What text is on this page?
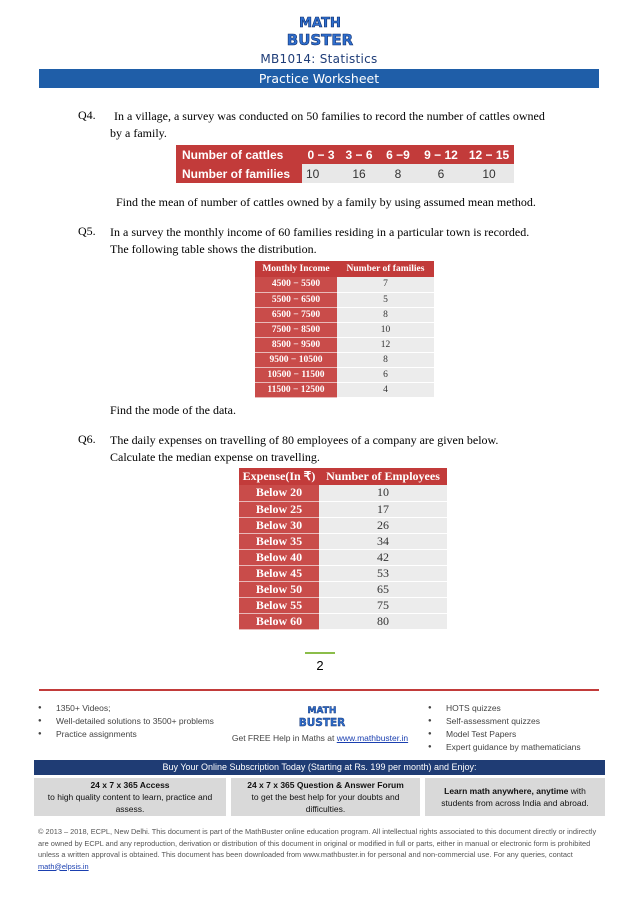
MATH
BUSTER
MB1014: Statistics
Practice Worksheet
Q4. In a village, a survey was conducted on 50 families to record the number of cattles owned
by a family.
Number of cattles	0 − 3	3 − 6	6 −9	9 − 12	12 − 15
Number of families	10	16	8	6	10
Find the mean of number of cattles owned by a family by using assumed mean method.
Q5. In a survey the monthly income of 60 families residing in a particular town is recorded.
The following table shows the distribution.
Monthly Income	Number of families
4500 − 5500	7
5500 − 6500	5
6500 − 7500	8
7500 − 8500	10
8500 − 9500	12
9500 − 10500	8
10500 − 11500	6
11500 − 12500	4
Find the mode of the data.
Q6. The daily expenses on travelling of 80 employees of a company are given below.
Calculate the median expense on travelling.
Expense(In ₹)	Number of Employees
Below 20	10
Below 25	17
Below 30	26
Below 35	34
Below 40	42
Below 45	53
Below 50	65
Below 55	75
Below 60	80
2
● 1350+ Videos;
● Well-detailed solutions to 3500+ problems
● Practice assignments
MATH
BUSTER
Get FREE Help in Maths at www.mathbuster.in
● HOTS quizzes
● Self-assessment quizzes
● Model Test Papers
● Expert guidance by mathematicians
Buy Your Online Subscription Today (Starting at Rs. 199 per month) and Enjoy:
24 x 7 x 365 Access
to high quality content to learn, practice and assess.
24 x 7 x 365 Question & Answer Forum
to get the best help for your doubts and difficulties.
Learn math anywhere, anytime with
students from across India and abroad.
© 2013 – 2018, ECPL, New Delhi. This document is part of the MathBuster online education program. All intellectual rights associated to this document directly or indirectly are owned by ECPL and any reproduction, derivation or distribution of this document in original or modified in full or parts, either in manual or electronic form is prohibited unless a written approval is obtained. This document has been downloaded from www.mathbuster.in for personal and non-commercial use. For any queries, contact math@elpsis.in
